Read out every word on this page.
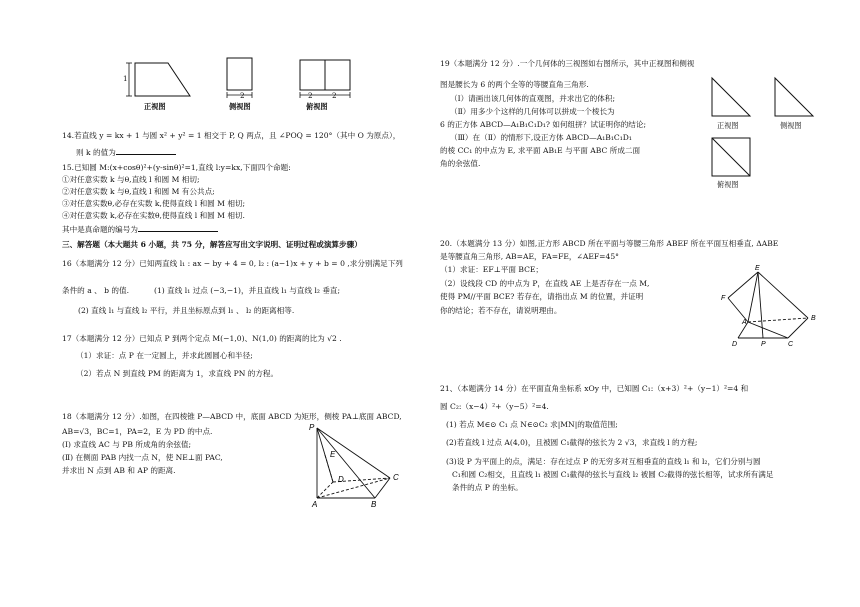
1
2	2	2
正视图	侧视图	俯视图
14.若直线 y = kx + 1 与圆 x² + y² = 1 相交于 P, Q 两点，且 ∠POQ = 120°（其中 O 为原点），
则 k 的值为
15.已知圆 M:(x+cosθ)²+(y-sinθ)²=1,直线 l:y=kx,下面四个命题:
①对任意实数 k 与θ,直线 l 和圆 M 相切;
②对任意实数 k 与θ,直线 l 和圆 M 有公共点;
③对任意实数θ,必存在实数 k,使得直线 l 和圆 M 相切;
④对任意实数 k,必存在实数θ,使得直线 l 和圆 M 相切.
其中是真命题的编号为
三、解答题（本大题共 6 小题，共 75 分，解答应写出文字说明、证明过程或演算步骤）
16（本题满分 12 分）已知两直线 l₁ : ax − by + 4 = 0, l₂ : (a−1)x + y + b = 0 ,求分别满足下列
条件的 a 、 b 的值.	(1) 直线 l₁ 过点 (−3,−1)，并且直线 l₁ 与直线 l₂ 垂直;
(2) 直线 l₁ 与直线 l₂ 平行，并且坐标原点到 l₁ 、 l₂ 的距离相等.
17（本题满分 12 分）已知点 P 到两个定点 M(−1,0)、N(1,0) 的距离的比为 √2 .
（1）求证：点 P 在一定圆上，并求此圆圆心和半径;
（2）若点 N 到直线 PM 的距离为 1，求直线 PN 的方程。
18（本题满分 12 分）.如图，在四棱锥 P—ABCD 中，底面 ABCD 为矩形，侧棱 PA⊥底面 ABCD,
AB=√3，BC=1，PA=2，E 为 PD 的中点.
(Ⅰ) 求直线 AC 与 PB 所成角的余弦值;
(Ⅱ) 在侧面 PAB 内找一点 N，使 NE⊥面 PAC,
并求出 N 点到 AB 和 AP 的距离.
P
E
D	C
A	B
19（本题满分 12 分）.一个几何体的三视图如右图所示，其中正视图和侧视
图是腰长为 6 的两个全等的等腰直角三角形.
（Ⅰ）请画出该几何体的直观图，并求出它的体积;
（Ⅱ）用多少个这样的几何体可以拼成一个棱长为
6 的正方体 ABCD—A₁B₁C₁D₁? 如何组拼？试证明你的结论;
（Ⅲ）在（Ⅱ）的情形下,设正方体 ABCD—A₁B₁C₁D₁
的棱 CC₁ 的中点为 E, 求平面 AB₁E 与平面 ABC 所成二面
角的余弦值.
正视图	侧视图
俯视图
20.（本题满分 13 分）如图,正方形 ABCD 所在平面与等腰三角形 ABEF 所在平面互相垂直, ΔABE
是等腰直角三角形, AB=AE，FA=FE，∠AEF=45°
（1）求证：EF⊥平面 BCE；
（2）设线段 CD 的中点为 P，在直线 AE 上是否存在一点 M,
使得 PM//平面 BCE? 若存在，请指出点 M 的位置，并证明
你的结论；若不存在，请说明理由。
E
F
A
B
D	P	C
21、（本题满分 14 分）在平面直角坐标系 xOy 中，已知圆 C₁:（x+3）²+（y−1）²=4 和
圆 C₂:（x−4）²+（y−5）²=4.
(1) 若点 M∈⊙ C₁ 点 N∈⊙C₂ 求|MN|的取值范围;
(2)若直线 l 过点 A(4,0)，且被圆 C₁截得的弦长为 2 √3，求直线 l 的方程;
(3)设 P 为平面上的点，满足：存在过点 P 的无穷多对互相垂直的直线 l₁ 和 l₂，它们分别与圆
C₁和圆 C₂相交，且直线 l₁ 被圆 C₁截得的弦长与直线 l₂ 被圆 C₂截得的弦长相等，试求所有满足
条件的点 P 的坐标。
